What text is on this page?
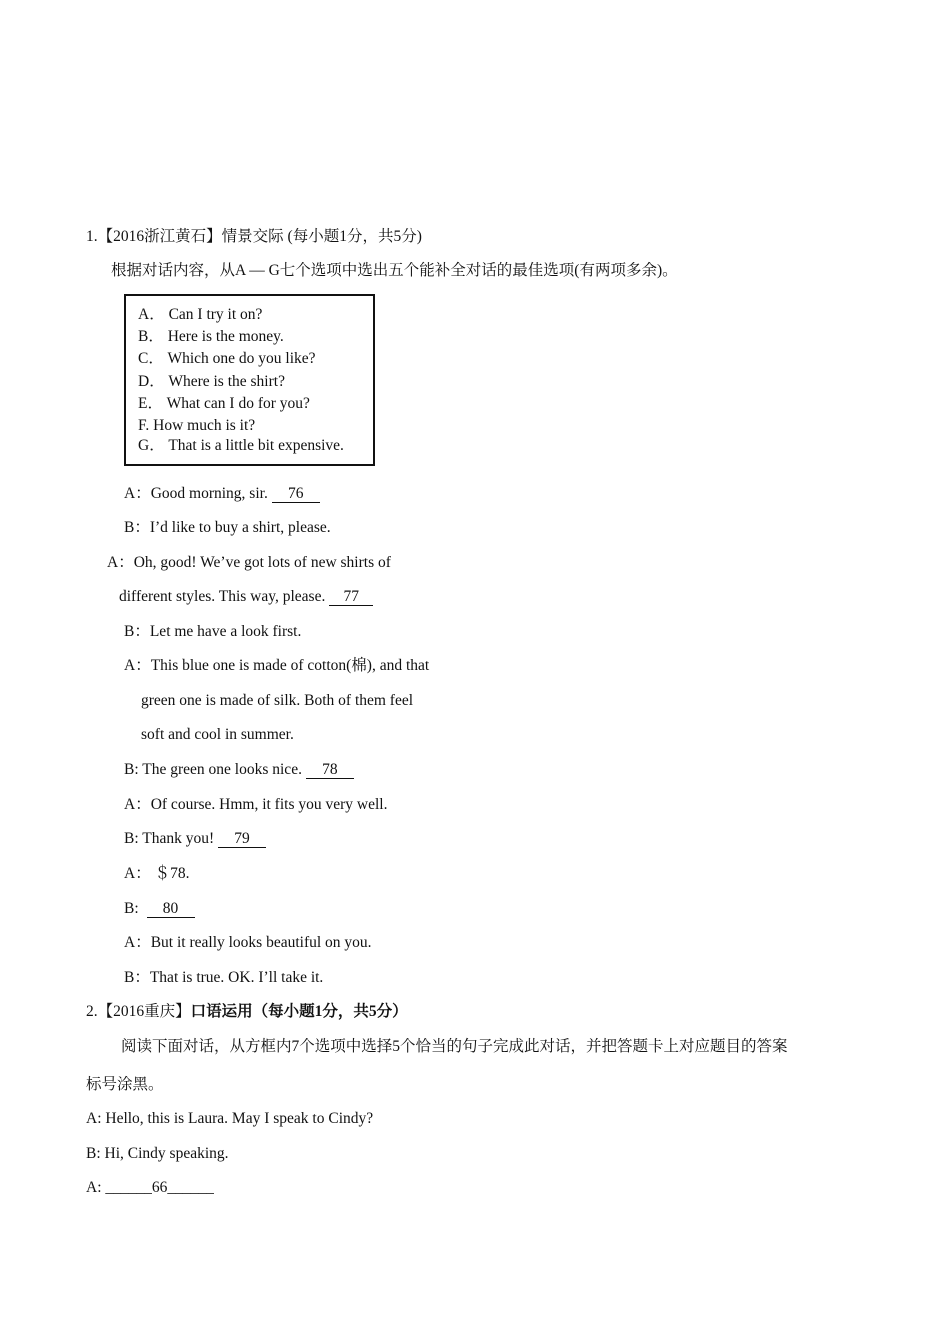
1.【2016浙江黄石】情景交际 (每小题1分，共5分)
根据对话内容，从A — G七个选项中选出五个能补全对话的最佳选项(有两项多余)。
A． Can I try it on?
B． Here is the money.
C． Which one do you like?
D． Where is the shirt?
E． What can I do for you?
F. How much is it?
G． That is a little bit expensive.
A：Good morning, sir. 76
B：I’d like to buy a shirt, please.
A：Oh, good! We’ve got lots of new shirts of
different styles. This way, please. 77
B：Let me have a look first.
A：This blue one is made of cotton(棉), and that
green one is made of silk. Both of them feel
soft and cool in summer.
B: The green one looks nice. 78
A：Of course. Hmm, it fits you very well.
B: Thank you! 79
A： ＄78.
B: 80
A：But it really looks beautiful on you.
B：That is true. OK. I’ll take it.
2.【2016重庆】口语运用（每小题1分，共5分）
阅读下面对话，从方框内7个选项中选择5个恰当的句子完成此对话，并把答题卡上对应题目的答案
标号涂黑。
A: Hello, this is Laura. May I speak to Cindy?
B: Hi, Cindy speaking.
A: ______66______
